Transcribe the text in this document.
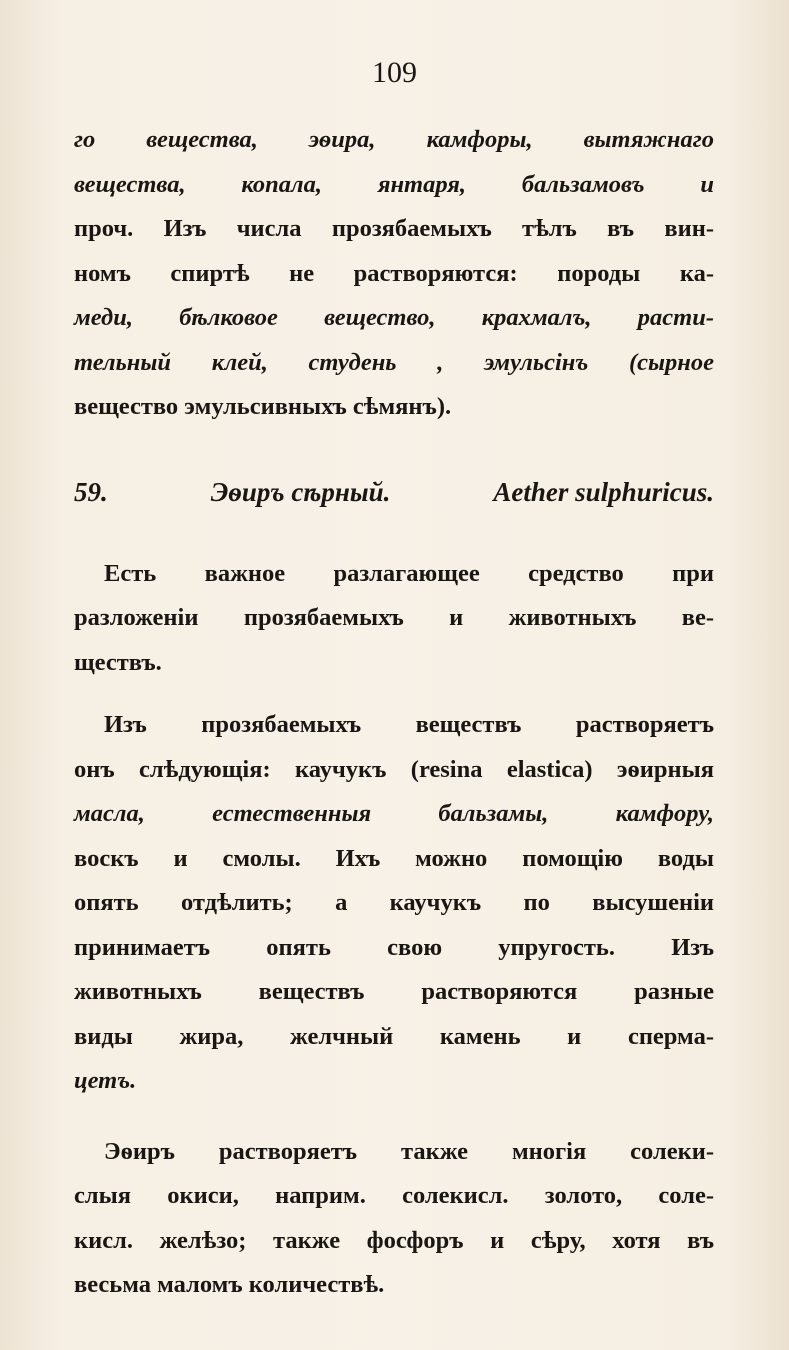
109
го вещества, эѳира, камфоры, вытяжнаго
вещества, копала, янтаря, бальзамовъ и
проч. Изъ числа прозябаемыхъ тѣлъ въ вин-
номъ спиртѣ не растворяются: породы ка-
меди, бѣлковое вещество, крахмалъ, расти-
тельный клей, студень , эмульсінъ (сырное
вещество эмульсивныхъ сѣмянъ).
59.	Эѳиръ сѣрный.	Aether sulphuricus.
Есть важное разлагающее средство при
разложеніи прозябаемыхъ и животныхъ ве-
ществъ.
Изъ прозябаемыхъ веществъ растворяетъ
онъ слѣдующія: каучукъ (resina elastica) эѳирныя
масла, естественныя бальзамы, камфору,
воскъ и смолы. Ихъ можно помощію воды
опять отдѣлить; а каучукъ по высушеніи
принимаетъ опять свою упругость. Изъ
животныхъ веществъ растворяются разные
виды жира, желчный камень и сперма-
цетъ.
Эѳиръ растворяетъ также многія солеки-
слыя окиси, наприм. солекисл. золото, соле-
кисл. желѣзо; также фосфоръ и сѣру, хотя въ
весьма маломъ количествѣ.
